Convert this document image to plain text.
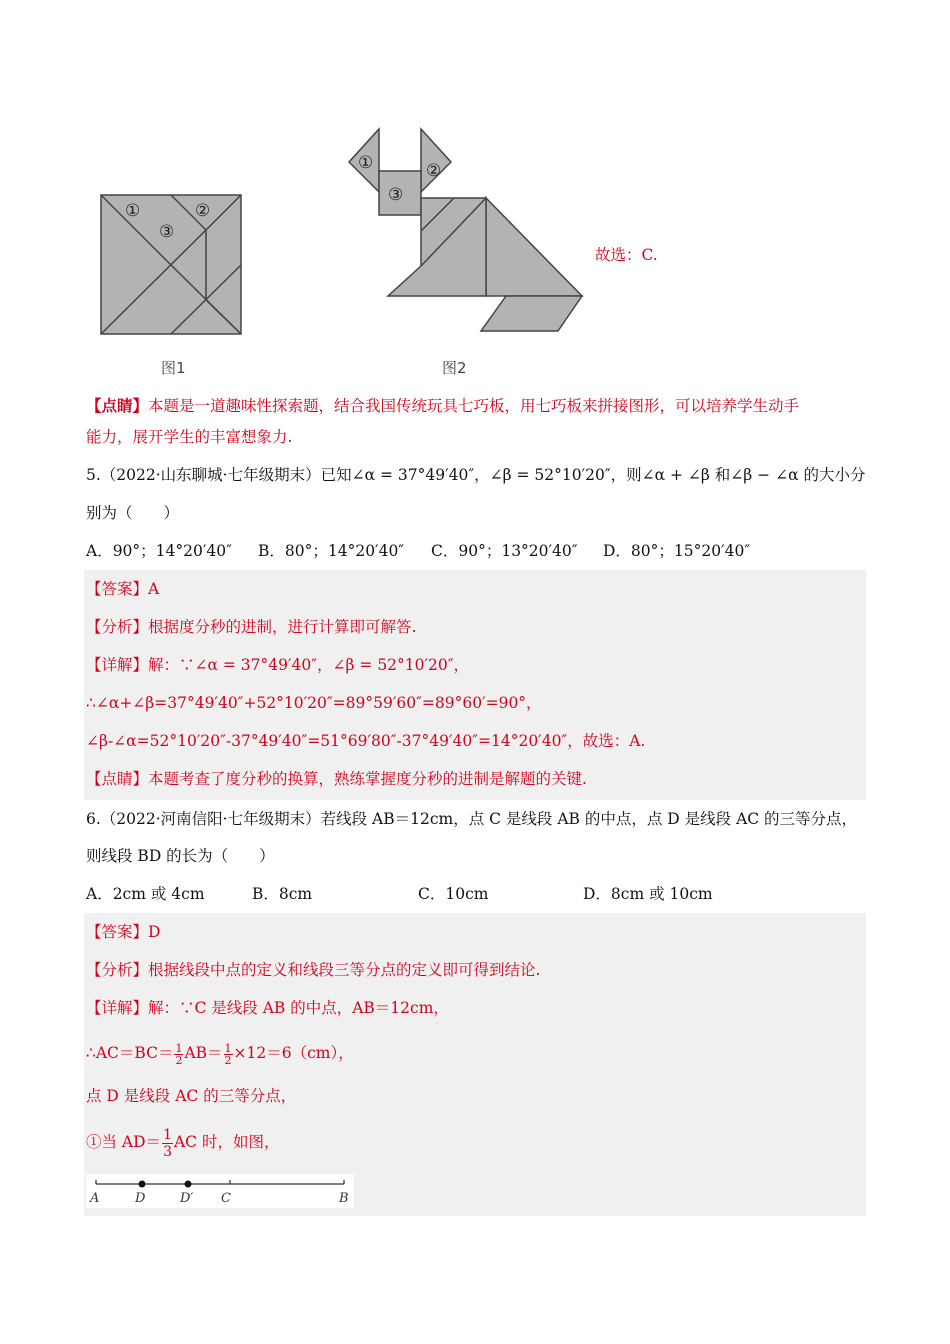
①	②
③
图1
①	②
③
图2
故选：C.
【点睛】本题是一道趣味性探索题，结合我国传统玩具七巧板，用七巧板来拼接图形，可以培养学生动手
能力，展开学生的丰富想象力.
5.（2022·山东聊城·七年级期末）已知∠α = 37°49′40″，∠β = 52°10′20″，则∠α + ∠β 和∠β − ∠α 的大小分
别为（　　）
A．90°；14°20′40″ B．80°；14°20′40″ C．90°；13°20′40″ D．80°；15°20′40″
【答案】A
【分析】根据度分秒的进制，进行计算即可解答.
【详解】解：∵∠α = 37°49′40″，∠β = 52°10′20″，
∴∠α+∠β=37°49′40″+52°10′20″=89°59′60″=89°60′=90°，
∠β-∠α=52°10′20″-37°49′40″=51°69′80″-37°49′40″=14°20′40″，故选：A.
【点睛】本题考查了度分秒的换算，熟练掌握度分秒的进制是解题的关键.
6.（2022·河南信阳·七年级期末）若线段 AB＝12cm，点 C 是线段 AB 的中点，点 D 是线段 AC 的三等分点，
则线段 BD 的长为（　　）
A．2cm 或 4cm	B．8cm	C．10cm	D．8cm 或 10cm
【答案】D
【分析】根据线段中点的定义和线段三等分点的定义即可得到结论.
【详解】解：∵C 是线段 AB 的中点，AB＝12cm，
∴AC＝BC＝ $\frac{1}{2} AB= \frac{1}{2} \times 12=6(cm)$，
点 D 是线段 AC 的三等分点，
①当 $AD= \frac{1}{3}$ AC 时，如图，
A	D	D′ C	B
